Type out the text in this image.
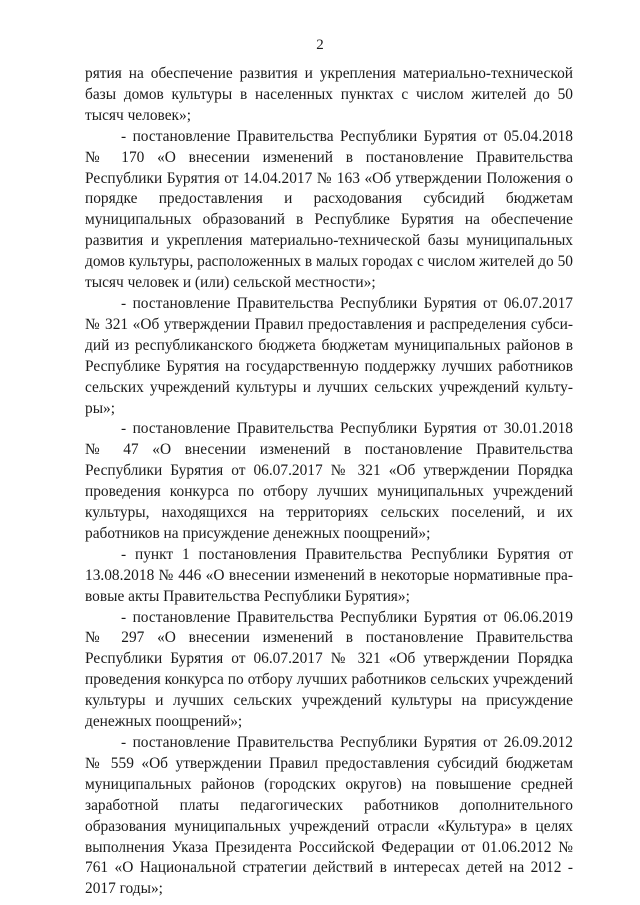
2

рятия на обеспечение развития и укрепления материально-технической базы домов культуры в населенных пунктах с числом жителей до 50 тысяч человек»;

- постановление Правительства Республики Бурятия от 05.04.2018 № 170 «О внесении изменений в постановление Правительства Республики Бурятия от 14.04.2017 № 163 «Об утверждении Положения о порядке предоставления и расходования субсидий бюджетам муниципальных образований в Республике Бурятия на обеспечение развития и укрепления материально-технической базы муниципальных домов культуры, расположенных в малых городах с числом жителей до 50 тысяч человек и (или) сельской местности»;

- постановление Правительства Республики Бурятия от 06.07.2017 № 321 «Об утверждении Правил предоставления и распределения субсидий из республиканского бюджета бюджетам муниципальных районов в Республике Бурятия на государственную поддержку лучших работников сельских учреждений культуры и лучших сельских учреждений культуры»;

- постановление Правительства Республики Бурятия от 30.01.2018 № 47 «О внесении изменений в постановление Правительства Республики Бурятия от 06.07.2017 № 321 «Об утверждении Порядка проведения конкурса по отбору лучших муниципальных учреждений культуры, находящихся на территориях сельских поселений, и их работников на присуждение денежных поощрений»;

- пункт 1 постановления Правительства Республики Бурятия от 13.08.2018 № 446 «О внесении изменений в некоторые нормативные правовые акты Правительства Республики Бурятия»;

- постановление Правительства Республики Бурятия от 06.06.2019 № 297 «О внесении изменений в постановление Правительства Республики Бурятия от 06.07.2017 № 321 «Об утверждении Порядка проведения конкурса по отбору лучших работников сельских учреждений культуры и лучших сельских учреждений культуры на присуждение денежных поощрений»;

- постановление Правительства Республики Бурятия от 26.09.2012 № 559 «Об утверждении Правил предоставления субсидий бюджетам муниципальных районов (городских округов) на повышение средней заработной платы педагогических работников дополнительного образования муниципальных учреждений отрасли «Культура» в целях выполнения Указа Президента Российской Федерации от 01.06.2012 № 761 «О Национальной стратегии действий в интересах детей на 2012 - 2017 годы»;
